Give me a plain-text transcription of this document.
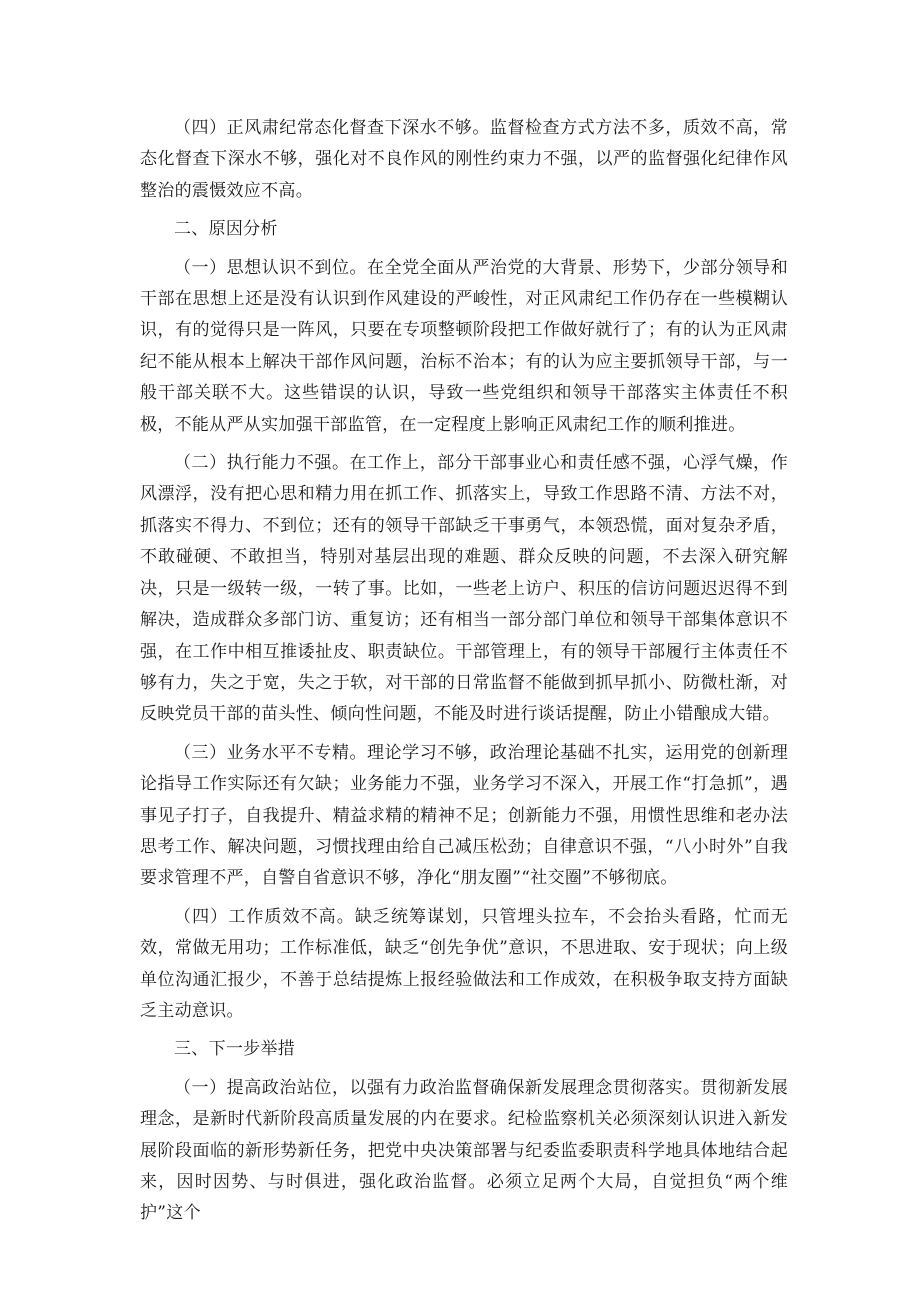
（四）正风肃纪常态化督查下深水不够。监督检查方式方法不多，质效不高，常态化督查下深水不够，强化对不良作风的刚性约束力不强，以严的监督强化纪律作风整治的震慑效应不高。

二、原因分析

（一）思想认识不到位。在全党全面从严治党的大背景、形势下，少部分领导和干部在思想上还是没有认识到作风建设的严峻性，对正风肃纪工作仍存在一些模糊认识，有的觉得只是一阵风，只要在专项整顿阶段把工作做好就行了；有的认为正风肃纪不能从根本上解决干部作风问题，治标不治本；有的认为应主要抓领导干部，与一般干部关联不大。这些错误的认识，导致一些党组织和领导干部落实主体责任不积极，不能从严从实加强干部监管，在一定程度上影响正风肃纪工作的顺利推进。

（二）执行能力不强。在工作上，部分干部事业心和责任感不强，心浮气燥，作风漂浮，没有把心思和精力用在抓工作、抓落实上，导致工作思路不清、方法不对，抓落实不得力、不到位；还有的领导干部缺乏干事勇气，本领恐慌，面对复杂矛盾，不敢碰硬、不敢担当，特别对基层出现的难题、群众反映的问题，不去深入研究解决，只是一级转一级，一转了事。比如，一些老上访户、积压的信访问题迟迟得不到解决，造成群众多部门访、重复访；还有相当一部分部门单位和领导干部集体意识不强，在工作中相互推诿扯皮、职责缺位。干部管理上，有的领导干部履行主体责任不够有力，失之于宽，失之于软，对干部的日常监督不能做到抓早抓小、防微杜渐，对反映党员干部的苗头性、倾向性问题，不能及时进行谈话提醒，防止小错酿成大错。

（三）业务水平不专精。理论学习不够，政治理论基础不扎实，运用党的创新理论指导工作实际还有欠缺；业务能力不强，业务学习不深入，开展工作“打急抓”，遇事见子打子，自我提升、精益求精的精神不足；创新能力不强，用惯性思维和老办法思考工作、解决问题，习惯找理由给自己减压松劲；自律意识不强，“八小时外”自我要求管理不严，自警自省意识不够，净化“朋友圈”“社交圈”不够彻底。

（四）工作质效不高。缺乏统筹谋划，只管埋头拉车，不会抬头看路，忙而无效，常做无用功；工作标准低，缺乏“创先争优”意识，不思进取、安于现状；向上级单位沟通汇报少，不善于总结提炼上报经验做法和工作成效，在积极争取支持方面缺乏主动意识。

三、下一步举措

（一）提高政治站位，以强有力政治监督确保新发展理念贯彻落实。贯彻新发展理念，是新时代新阶段高质量发展的内在要求。纪检监察机关必须深刻认识进入新发展阶段面临的新形势新任务，把党中央决策部署与纪委监委职责科学地具体地结合起来，因时因势、与时俱进，强化政治监督。必须立足两个大局，自觉担负“两个维护”这个
